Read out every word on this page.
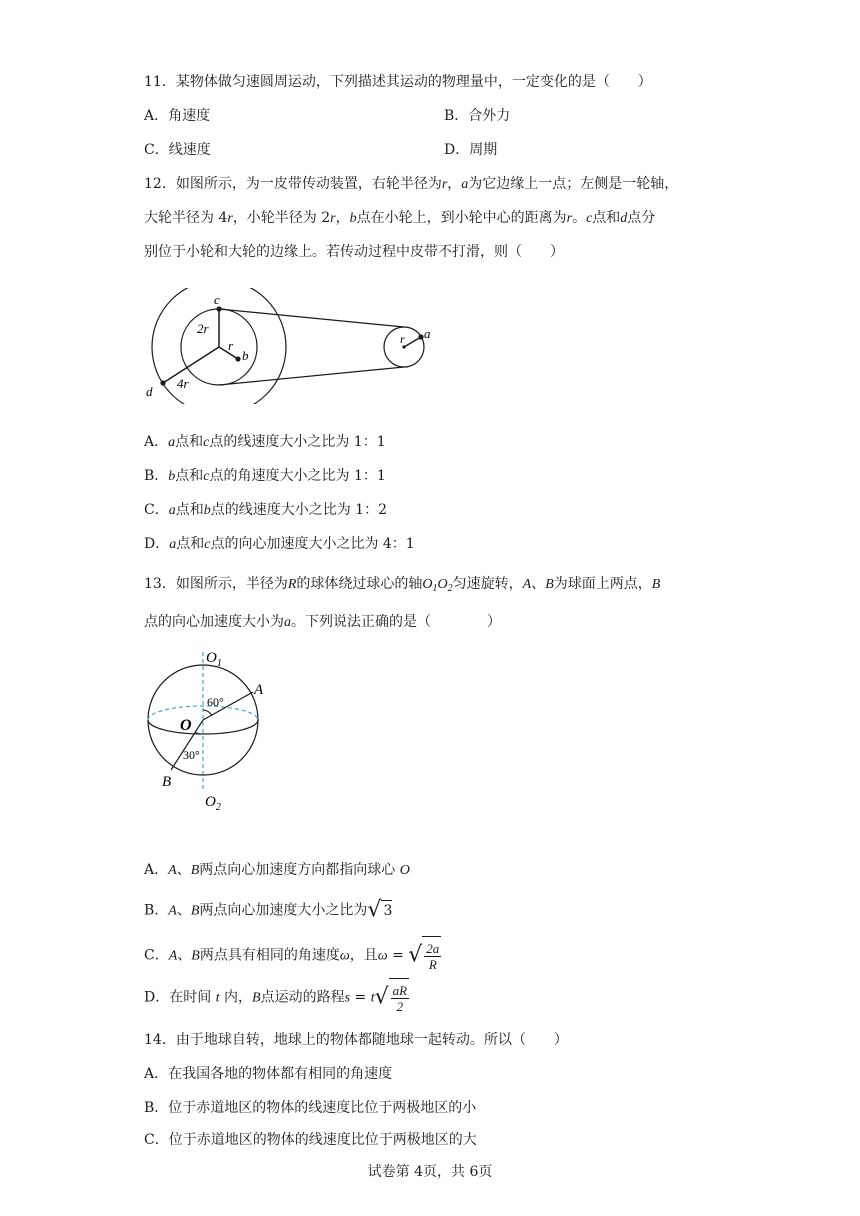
11．某物体做匀速圆周运动，下列描述其运动的物理量中，一定变化的是（　　）
A．角速度	B．合外力
C．线速度	D．周期
12．如图所示，为一皮带传动装置，右轮半径为r，a为它边缘上一点；左侧是一轮轴，
大轮半径为 4r，小轮半径为 2r，b点在小轮上，到小轮中心的距离为r。c点和d点分
别位于小轮和大轮的边缘上。若传动过程中皮带不打滑，则（　　）
c
2r
r
b
4r
d
r a
A．a点和c点的线速度大小之比为 1：1
B．b点和c点的角速度大小之比为 1：1
C．a点和b点的线速度大小之比为 1：2
D．a点和c点的向心加速度大小之比为 4：1
13．如图所示，半径为R的球体绕过球心的轴$O_1O_2$匀速旋转，A、B为球面上两点，B
点的向心加速度大小为a。下列说法正确的是（　　　　）
$O_1$
60°
A
O
30°
B
$O_2$
A．A、B两点向心加速度方向都指向球心 O
B．A、B两点向心加速度大小之比为√ 3
C．A、B两点具有相同的角速度ω，且ω = √ $\frac{2a}{R}$
D．在时间 t 内，B点运动的路程$s = t√ \frac{aR}{2}$
14．由于地球自转，地球上的物体都随地球一起转动。所以（　　）
A．在我国各地的物体都有相同的角速度
B．位于赤道地区的物体的线速度比位于两极地区的小
C．位于赤道地区的物体的线速度比位于两极地区的大
试卷第 4页，共 6页
